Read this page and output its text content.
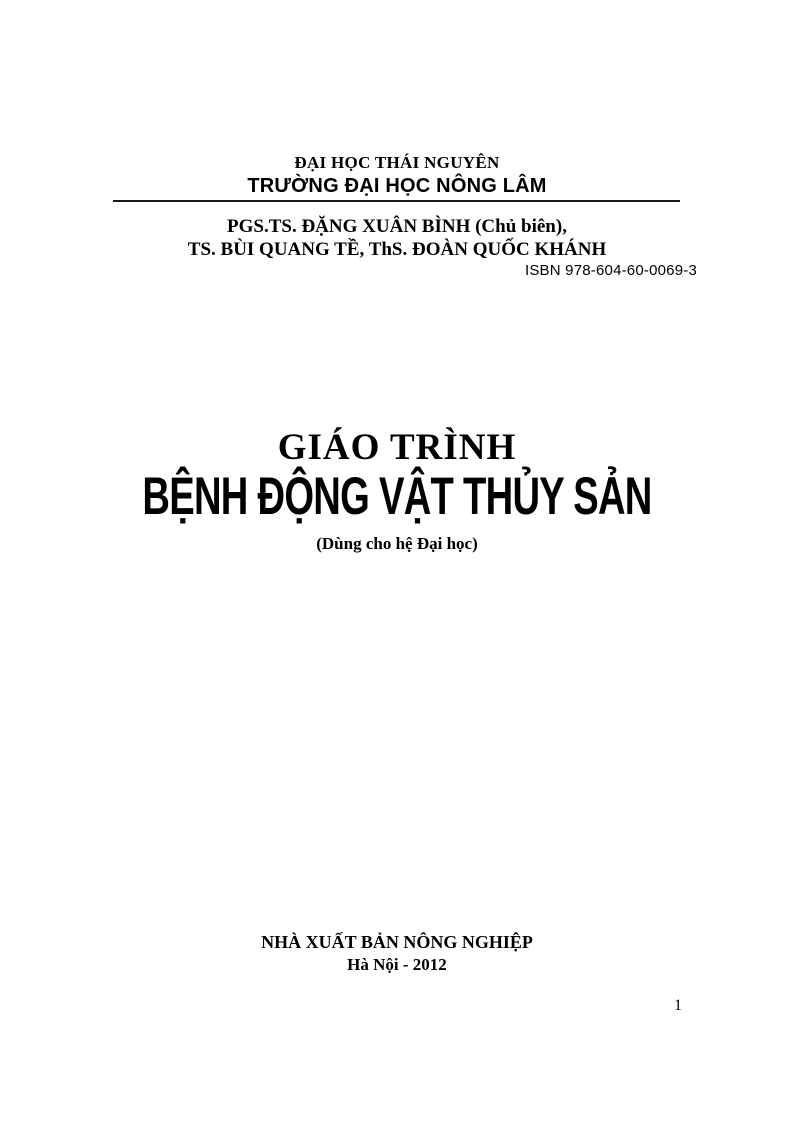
ĐẠI HỌC THÁI NGUYÊN
TRƯỜNG ĐẠI HỌC NÔNG LÂM
PGS.TS. ĐẶNG XUÂN BÌNH (Chủ biên),
TS. BÙI QUANG TỀ, ThS. ĐOÀN QUỐC KHÁNH
ISBN 978-604-60-0069-3
GIÁO TRÌNH
BỆNH ĐỘNG VẬT THỦY SẢN
(Dùng cho hệ Đại học)
NHÀ XUẤT BẢN NÔNG NGHIỆP
Hà Nội - 2012
1
